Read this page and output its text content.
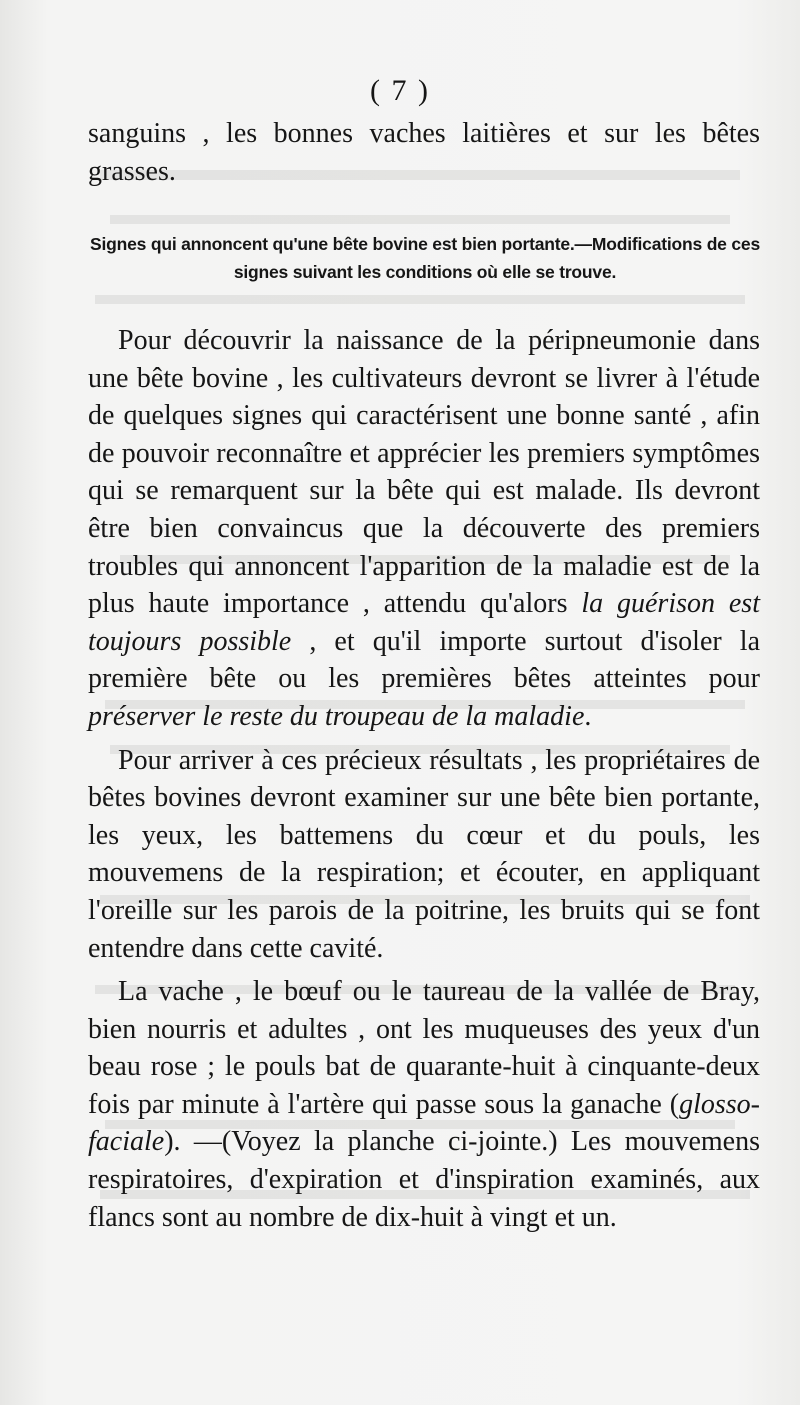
( 7 )

sanguins , les bonnes vaches laitières et sur les bêtes grasses.

Signes qui annoncent qu'une bête bovine est bien portante.—Modifications de ces signes suivant les conditions où elle se trouve.

Pour découvrir la naissance de la péripneumonie dans une bête bovine , les cultivateurs devront se livrer à l'étude de quelques signes qui caractérisent une bonne santé , afin de pouvoir reconnaître et apprécier les premiers symptômes qui se remarquent sur la bête qui est malade. Ils devront être bien convaincus que la découverte des premiers troubles qui annoncent l'apparition de la maladie est de la plus haute importance , attendu qu'alors la guérison est toujours possible , et qu'il importe surtout d'isoler la première bête ou les premières bêtes atteintes pour préserver le reste du troupeau de la maladie.

Pour arriver à ces précieux résultats , les propriétaires de bêtes bovines devront examiner sur une bête bien portante, les yeux, les battemens du cœur et du pouls, les mouvemens de la respiration; et écouter, en appliquant l'oreille sur les parois de la poitrine, les bruits qui se font entendre dans cette cavité.

La vache , le bœuf ou le taureau de la vallée de Bray, bien nourris et adultes , ont les muqueuses des yeux d'un beau rose ; le pouls bat de quarante-huit à cinquante-deux fois par minute à l'artère qui passe sous la ganache (glosso-faciale). —(Voyez la planche ci-jointe.) Les mouvemens respiratoires, d'expiration et d'inspiration examinés, aux flancs sont au nombre de dix-huit à vingt et un.
